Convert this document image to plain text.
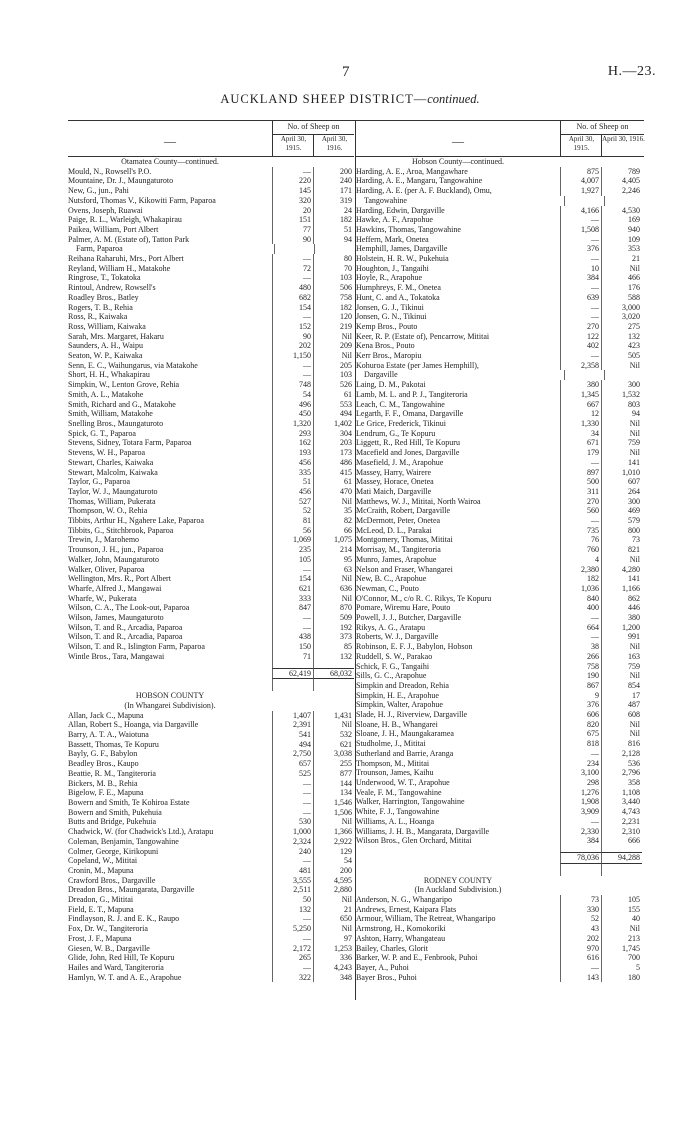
7	H.—23.
AUCKLAND SHEEP DISTRICT—continued.
—
No. of Sheep on
April 30, 1915.
April 30, 1916.
Otamatea County—continued.
Mould, N., Rowsell's P.O.	—	200
Mountaine, Dr. J., Maungaturoto	220	240
New, G., jun., Pahi	145	171
Nutsford, Thomas V., Kikowiti Farm, Paparoa	320	319
Ovens, Joseph, Ruawai	20	24
Paige, R. L., Warleigh, Whakapirau	151	182
Paikea, William, Port Albert	77	51
Palmer, A. M. (Estate of), Tatton Park	90	94
Farm, Paparoa
Reihana Raharuhi, Mrs., Port Albert	—	80
Reyland, William H., Matakohe	72	70
Ringrose, T., Tokatoka	—	103
Rintoul, Andrew, Rowsell's	480	506
Roadley Bros., Batley	682	758
Rogers, T. B., Rehia	154	182
Ross, R., Kaiwaka	—	120
Ross, William, Kaiwaka	152	219
Sarah, Mrs. Margaret, Hakaru	90	Nil
Saunders, A. H., Waipu	202	209
Seaton, W. P., Kaiwaka	1,150	Nil
Senn, E. C., Waihungarus, via Matakohe	—	205
Short, H. H., Whakapirau	—	103
Simpkin, W., Lenton Grove, Rehia	748	526
Smith, A. L., Matakohe	54	61
Smith, Richard and G., Matakohe	496	553
Smith, William, Matakohe	450	494
Snelling Bros., Maungaturoto	1,320	1,402
Spick, G. T., Paparoa	293	304
Stevens, Sidney, Totara Farm, Paparoa	162	203
Stevens, W. H., Paparoa	193	173
Stewart, Charles, Kaiwaka	456	486
Stewart, Malcolm, Kaiwaka	335	415
Taylor, G., Paparoa	51	61
Taylor, W. J., Maungaturoto	456	470
Thomas, William, Pukerata	527	Nil
Thompson, W. O., Rehia	52	35
Tibbits, Arthur H., Ngahere Lake, Paparoa	81	82
Tibbits, G., Stitchbrook, Paparoa	56	66
Trewin, J., Marohemo	1,069	1,075
Trounson, J. H., jun., Paparoa	235	214
Walker, John, Maungaturoto	105	95
Walker, Oliver, Paparoa	—	63
Wellington, Mrs. R., Port Albert	154	Nil
Wharfe, Alfred J., Mangawai	621	636
Wharfe, W., Pukerata	333	Nil
Wilson, C. A., The Look-out, Paparoa	847	870
Wilson, James, Maungaturoto	—	509
Wilson, T. and R., Arcadia, Paparoa	—	192
Wilson, T. and R., Arcadia, Paparoa	438	373
Wilson, T. and R., Islington Farm, Paparoa	150	85
Wintle Bros., Tara, Mangawai	71	132
62,419	68,032
HOBSON COUNTY
(In Whangarei Subdivision).
Allan, Jack C., Mapuna	1,407	1,431
Allan, Robert S., Hoanga, via Dargaville	2,391	Nil
Barry, A. T. A., Waiotuna	541	532
Bassett, Thomas, Te Kopuru	494	621
Bayly, G. F., Babylon	2,750	3,038
Beadley Bros., Kaupo	657	255
Beattie, R. M., Tangiteroria	525	877
Bickers, M. B., Rehia	—	144
Bigelow, F. E., Mapuna	—	134
Bowern and Smith, Te Kohiroa Estate	—	1,546
Bowern and Smith, Pukehuia	—	1,506
Butts and Bridge, Pukehuia	530	Nil
Chadwick, W. (for Chadwick's Ltd.), Aratapu	1,000	1,366
Coleman, Benjamin, Tangowahine	2,324	2,922
Colmer, George, Kirikopuni	240	129
Copeland, W., Mititai	—	54
Cronin, M., Mapuna	481	200
Crawford Bros., Dargaville	3,555	4,595
Dreadon Bros., Maungarata, Dargaville	2,511	2,880
Dreadon, G., Mititai	50	Nil
Field, E. T., Mapuna	132	21
Findlayson, R. J. and E. K., Raupo	—	650
Fox, Dr. W., Tangiteroria	5,250	Nil
Frost, J. F., Mapuna	—	97
Giesen, W. B., Dargaville	2,172	1,253
Glide, John, Red Hill, Te Kopuru	265	336
Hailes and Ward, Tangiteroria	—	4,243
Hamlyn, W. T. and A. E., Arapohue	322	348
—
No. of Sheep on
April 30, 1915.
April 30, 1916.
Hobson County—continued.
Harding, A. E., Aroa, Mangawhare	875	789
Harding, A. E., Mangaru, Tangowahine	4,007	4,405
Harding, A. E. (per A. F. Buckland), Omu,	1,927	2,246
Tangowahine
Harding, Edwin, Dargaville	4,166	4,530
Hawke, A. F., Arapohue	—	169
Hawkins, Thomas, Tangowahine	1,508	940
Heffern, Mark, Onetea	—	109
Hemphill, James, Dargaville	376	353
Holstein, H. R. W., Pukehuia	—	21
Houghton, J., Tangaihi	10	Nil
Hoyle, R., Arapohue	384	466
Humphreys, F. M., Onetea	—	176
Hunt, C. and A., Tokatoka	639	588
Jonsen, G. J., Tikinui	—	3,000
Jonsen, G. N., Tikinui	—	3,020
Kemp Bros., Pouto	270	275
Keer, R. P. (Estate of), Pencarrow, Mititai	122	132
Kena Bros., Pouto	402	423
Kerr Bros., Maropiu	—	505
Kohuroa Estate (per James Hemphill),	2,358	Nil
Dargaville
Laing, D. M., Pakotai	380	300
Lamb, M. L. and P. J., Tangiteroria	1,345	1,532
Leach, C. M., Tangowahine	667	803
Legarth, F. F., Omana, Dargaville	12	94
Le Grice, Frederick, Tikinui	1,330	Nil
Lendrum, G., Te Kopuru	34	Nil
Liggett, R., Red Hill, Te Kopuru	671	759
Macefield and Jones, Dargaville	179	Nil
Masefield, J. M., Arapohue	—	141
Massey, Harry, Wairere	897	1,010
Massey, Horace, Onetea	500	607
Mati Maich, Dargaville	311	264
Matthews, W. J., Mititai, North Wairoa	270	300
McCraith, Robert, Dargaville	560	469
McDermott, Peter, Onetea	—	579
McLeod, D. L., Parakai	735	800
Montgomery, Thomas, Mititai	76	73
Morrisay, M., Tangiteroria	760	821
Munro, James, Arapohue	4	Nil
Nelson and Fraser, Whangarei	2,380	4,280
New, B. C., Arapohue	182	141
Newman, C., Pouto	1,036	1,166
O'Connor, M., c/o R. C. Rikys, Te Kopuru	840	862
Pomare, Wiremu Hare, Pouto	400	446
Powell, J. J., Butcher, Dargaville	—	380
Rikys, A. G., Aratapu	664	1,200
Roberts, W. J., Dargaville	—	991
Robinson, E. F. J., Babylon, Hobson	38	Nil
Ruddell, S. W., Parakao	266	163
Schick, F. G., Tangaihi	758	759
Sills, G. C., Arapohue	190	Nil
Simpkin and Dreadon, Rehia	867	854
Simpkin, H. E., Arapohue	9	17
Simpkin, Walter, Arapohue	376	487
Slade, H. J., Riverview, Dargaville	606	608
Sloane, H. B., Whangarei	820	Nil
Sloane, J. H., Maungakaramea	675	Nil
Studholme, J., Mititai	818	816
Sutherland and Barrie, Aranga	—	2,128
Thompson, M., Mititai	234	536
Trounson, James, Kaihu	3,100	2,796
Underwood, W. T., Arapohue	298	358
Veale, F. M., Tangowahine	1,276	1,108
Walker, Harrington, Tangowahine	1,908	3,440
White, F. J., Tangowahine	3,909	4,743
Williams, A. L., Hoanga	—	2,231
Williams, J. H. B., Mangarata, Dargaville	2,330	2,310
Wilson Bros., Glen Orchard, Mititai	384	666
78,036	94,288
RODNEY COUNTY
(In Auckland Subdivision.)
Anderson, N. G., Whangaripo	73	105
Andrews, Ernest, Kaipara Flats	330	155
Armour, William, The Retreat, Whangaripo	52	40
Armstrong, H., Komokoriki	43	Nil
Ashton, Harry, Whangateau	202	213
Bailey, Charles, Glorit	970	1,745
Barker, W. P. and E., Fenbrook, Puhoi	616	700
Bayer, A., Puhoi	—	5
Bayer Bros., Puhoi	143	180
